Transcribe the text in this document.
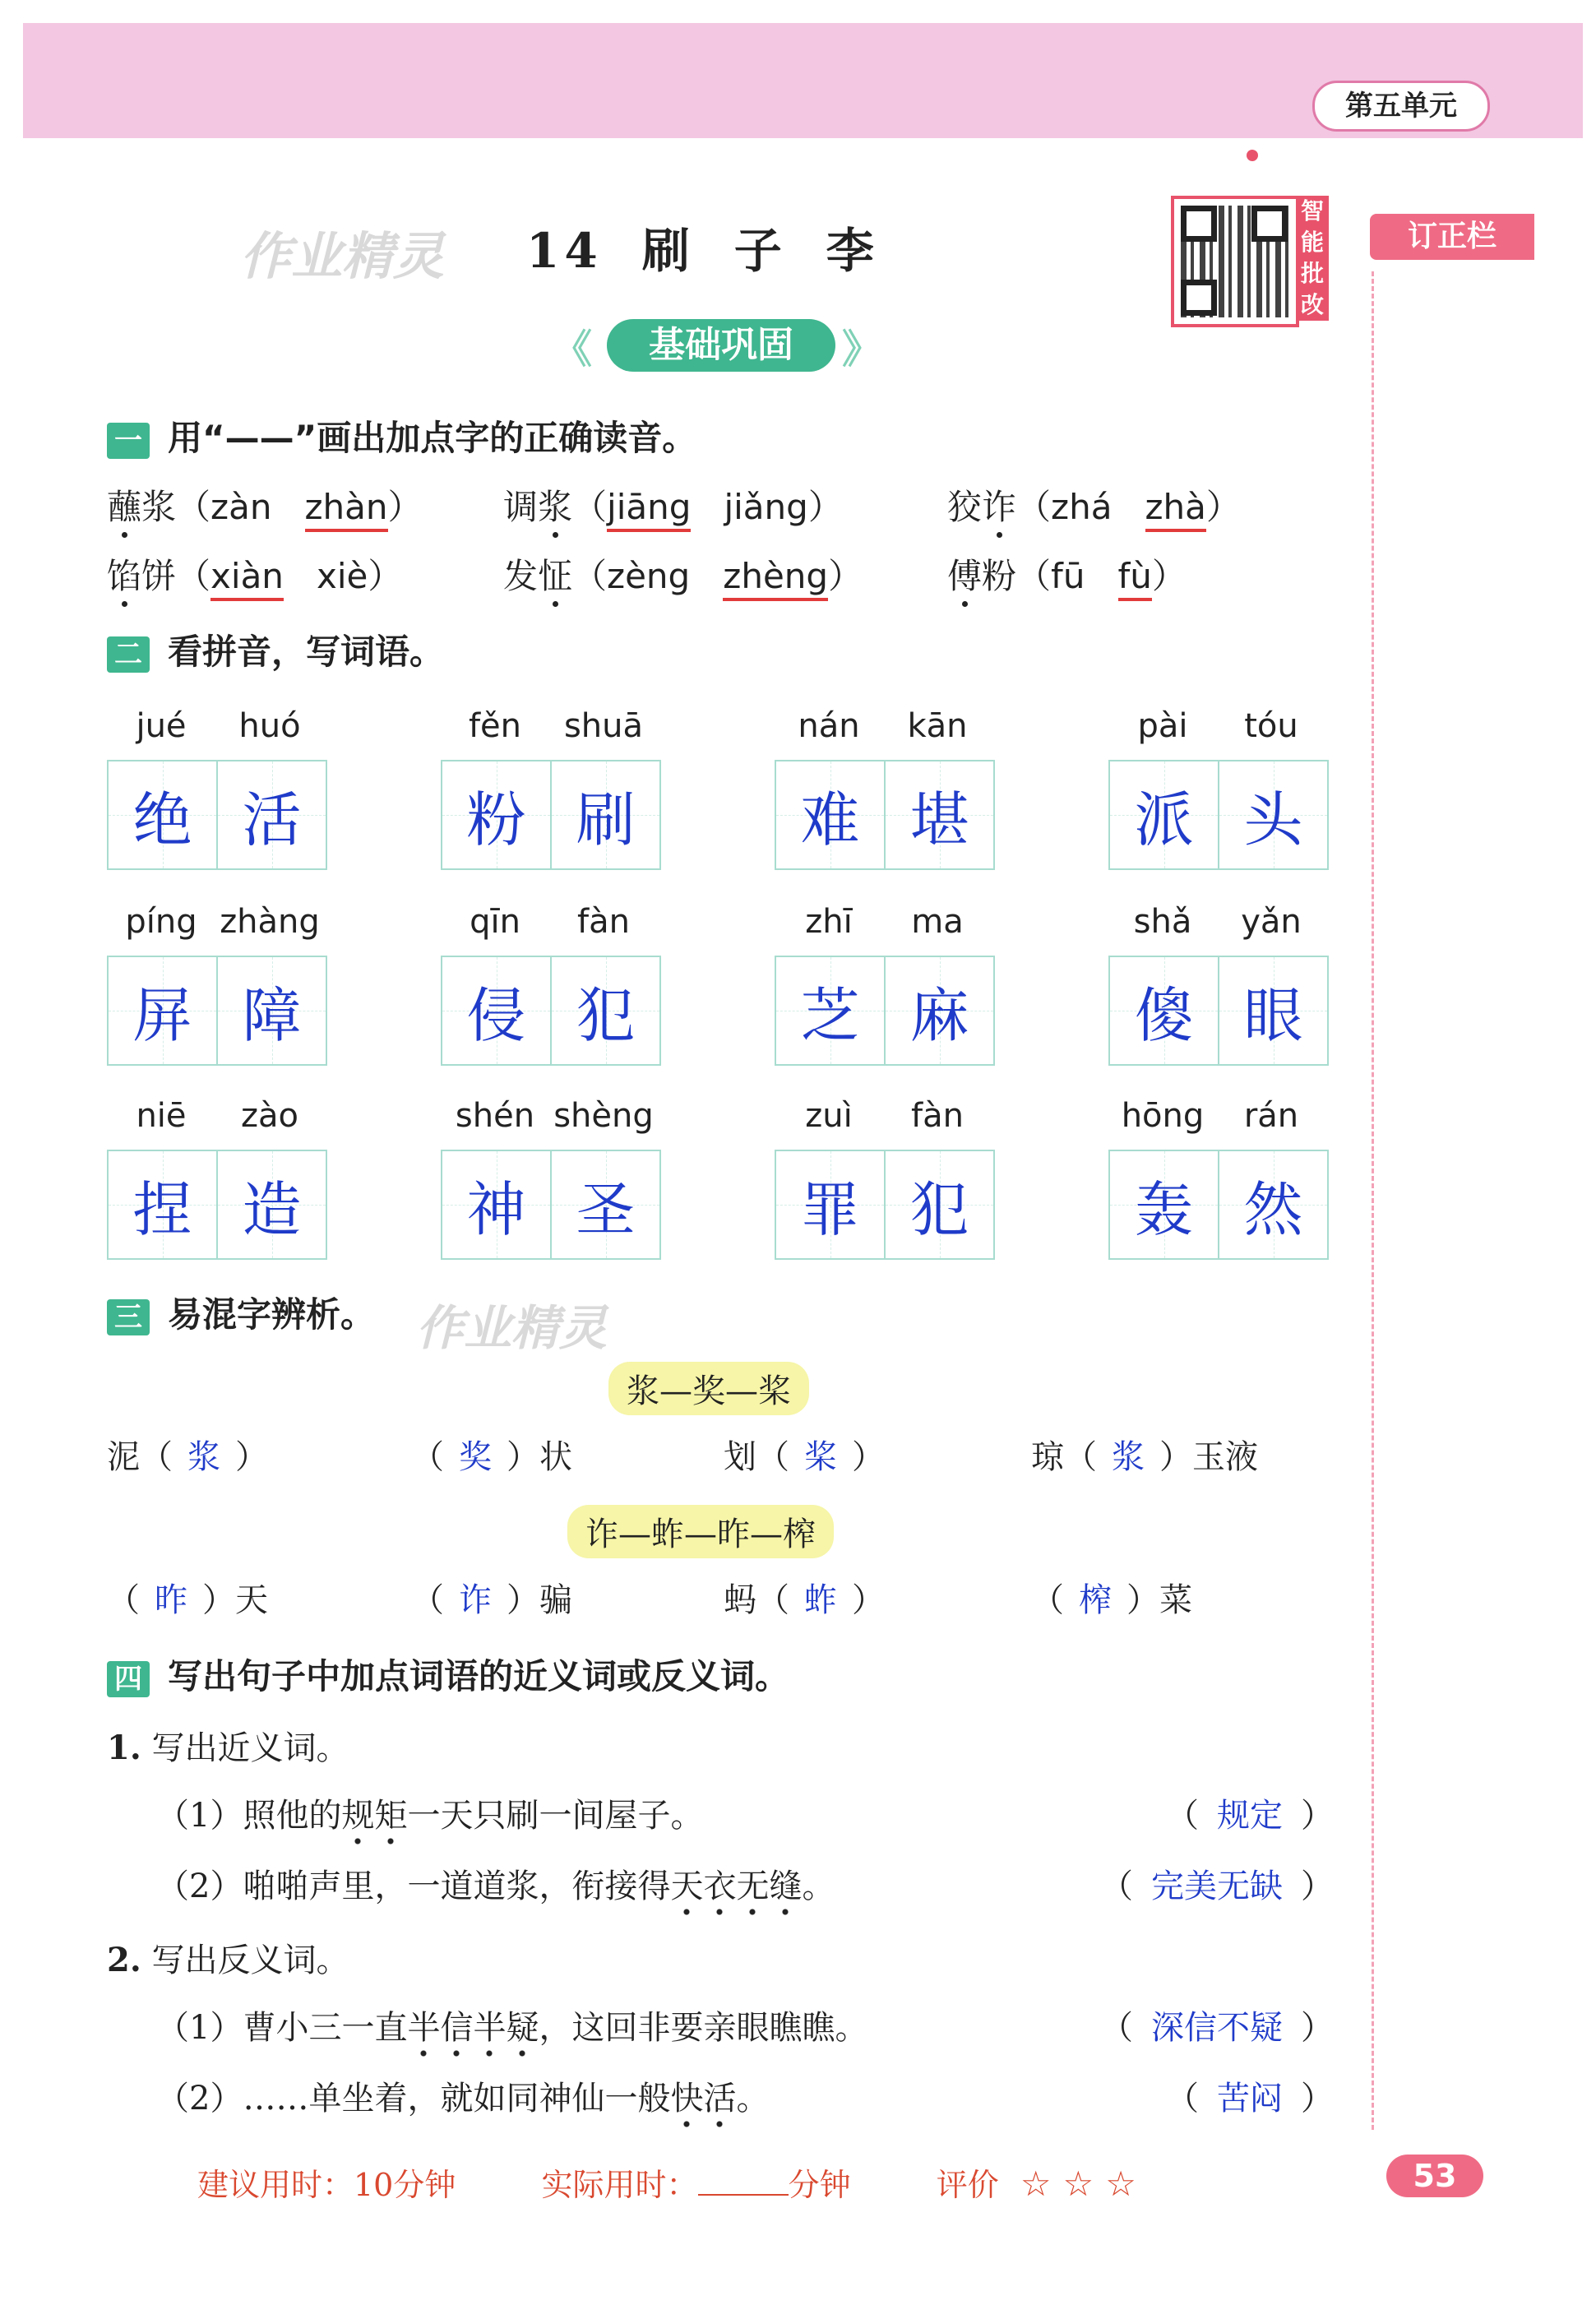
第五单元
作业精灵
作业精灵
14 刷 子 李
智能批改
订正栏
《	基础巩固	》
一 用“——”画出加点字的正确读音。
蘸浆（zàn zhàn） 调浆（jiāng jiǎng）	狡诈（zhá zhà）
馅饼（xiàn xiè）	发怔（zèng zhèng） 傅粉（fū fù）
二 看拼音，写词语。
jué	huó
绝 活
fěn	shuā
粉 刷
nán	kān
难 堪
pài	tóu
派 头
píng zhàng
屏 障
qīn	fàn
侵 犯
zhī	ma
芝 麻
shǎ	yǎn
傻 眼
niē	zào
捏 造
shén shèng
神 圣
zuì	fàn
罪 犯
hōng	rán
轰 然
三 易混字辨析。
浆—奖—桨
泥（ 浆 ）	（ 奖 ）状	划（ 桨 ）	琼（ 浆 ）玉液
诈—蚱—昨—榨
（ 昨 ）天	（ 诈 ）骗	蚂（ 蚱 ）	（ 榨 ）菜
四 写出句子中加点词语的近义词或反义词。
1. 写出近义词。
（1）照他的规矩一天只刷一间屋子。	（ 规定 ）
（2）啪啪声里，一道道浆，衔接得天衣无缝。	（ 完美无缺 ）
2. 写出反义词。
（1）曹小三一直半信半疑，这回非要亲眼瞧瞧。	（ 深信不疑 ）
（2）……单坐着，就如同神仙一般快活。	（ 苦闷 ）
建议用时：10分钟	实际用时：	分钟	评价 ☆ ☆ ☆	53
